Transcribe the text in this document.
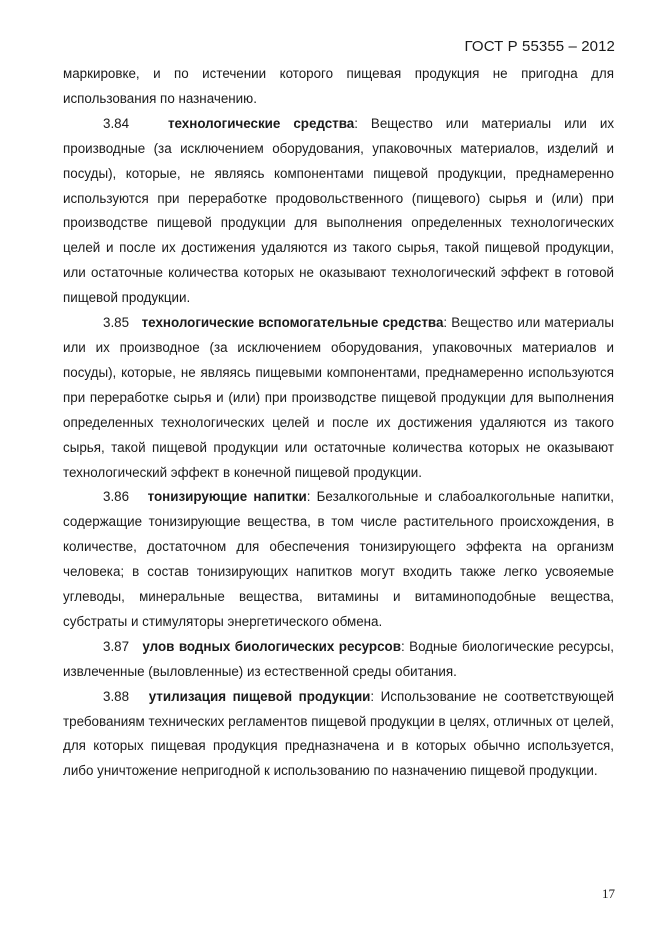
ГОСТ Р 55355 – 2012

маркировке, и по истечении которого пищевая продукция не пригодна для использования по назначению.

3.84	технологические средства: Вещество или материалы или их производные (за исключением оборудования, упаковочных материалов, изделий и посуды), которые, не являясь компонентами пищевой продукции, преднамеренно используются при переработке продовольственного (пищевого) сырья и (или) при производстве пищевой продукции для выполнения определенных технологических целей и после их достижения удаляются из такого сырья, такой пищевой продукции, или остаточные количества которых не оказывают технологический эффект в готовой пищевой продукции.

3.85 технологические вспомогательные средства: Вещество или материалы или их производное (за исключением оборудования, упаковочных материалов и посуды), которые, не являясь пищевыми компонентами, преднамеренно используются при переработке сырья и (или) при производстве пищевой продукции для выполнения определенных технологических целей и после их достижения удаляются из такого сырья, такой пищевой продукции или остаточные количества которых не оказывают технологический эффект в конечной пищевой продукции.

3.86 тонизирующие напитки: Безалкогольные и слабоалкогольные напитки, содержащие тонизирующие вещества, в том числе растительного происхождения, в количестве, достаточном для обеспечения тонизирующего эффекта на организм человека; в состав тонизирующих напитков могут входить также легко усвояемые углеводы, минеральные вещества, витамины и витаминоподобные вещества, субстраты и стимуляторы энергетического обмена.

3.87 улов водных биологических ресурсов: Водные биологические ресурсы, извлеченные (выловленные) из естественной среды обитания.

3.88 утилизация пищевой продукции: Использование не соответствующей требованиям технических регламентов пищевой продукции в целях, отличных от целей, для которых пищевая продукция предназначена и в которых обычно используется, либо уничтожение непригодной к использованию по назначению пищевой продукции.

17
